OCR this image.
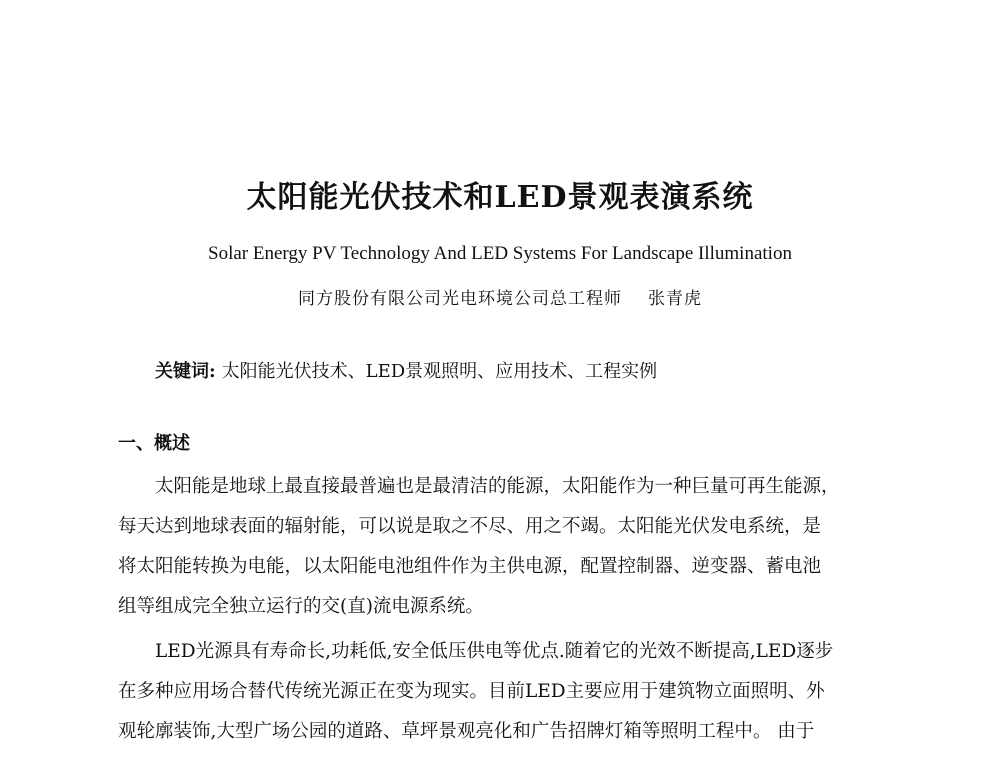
太阳能光伏技术和LED景观表演系统
Solar Energy PV Technology And LED Systems For Landscape Illumination
同方股份有限公司光电环境公司总工程师 张青虎
关键词: 太阳能光伏技术、LED景观照明、应用技术、工程实例
一、概述
太阳能是地球上最直接最普遍也是最清洁的能源，太阳能作为一种巨量可再生能源，
每天达到地球表面的辐射能，可以说是取之不尽、用之不竭。太阳能光伏发电系统，是
将太阳能转换为电能，以太阳能电池组件作为主供电源，配置控制器、逆变器、蓄电池
组等组成完全独立运行的交(直)流电源系统。
LED光源具有寿命长,功耗低,安全低压供电等优点.随着它的光效不断提高,LED逐步
在多种应用场合替代传统光源正在变为现实。目前LED主要应用于建筑物立面照明、外
观轮廓装饰,大型广场公园的道路、草坪景观亮化和广告招牌灯箱等照明工程中。 由于
